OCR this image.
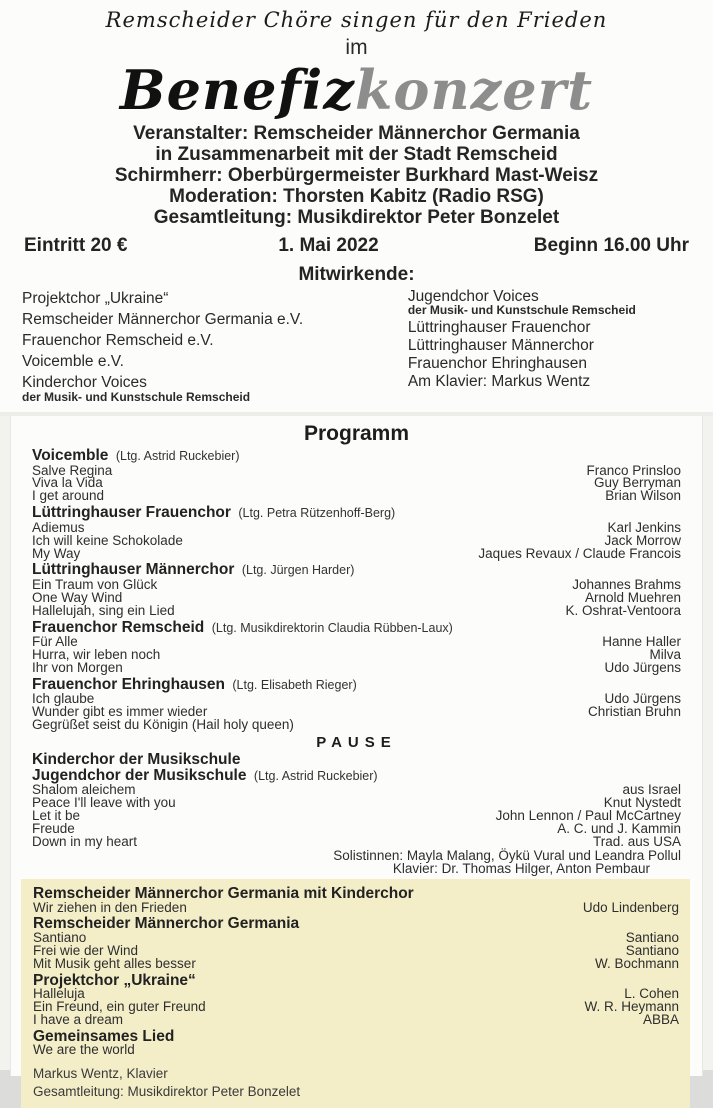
Remscheider Chöre singen für den Frieden
im
Benefizkonzert
Veranstalter: Remscheider Männerchor Germania
in Zusammenarbeit mit der Stadt Remscheid
Schirmherr: Oberbürgermeister Burkhard Mast-Weisz
Moderation: Thorsten Kabitz (Radio RSG)
Gesamtleitung: Musikdirektor Peter Bonzelet
Eintritt 20 €	1. Mai 2022	Beginn 16.00 Uhr
Mitwirkende:
Projektchor „Ukraine“
Remscheider Männerchor Germania e.V.
Frauenchor Remscheid e.V.
Voicemble e.V.
Kinderchor Voices
der Musik- und Kunstschule Remscheid
Jugendchor Voices
der Musik- und Kunstschule Remscheid
Lüttringhauser Frauenchor
Lüttringhauser Männerchor
Frauenchor Ehringhausen
Am Klavier: Markus Wentz
Programm
Voicemble (Ltg. Astrid Ruckebier)
Salve Regina	Franco Prinsloo
Viva la Vida	Guy Berryman
I get around	Brian Wilson
Lüttringhauser Frauenchor (Ltg. Petra Rützenhoff-Berg)
Adiemus	Karl Jenkins
Ich will keine Schokolade	Jack Morrow
My Way	Jaques Revaux / Claude Francois
Lüttringhauser Männerchor (Ltg. Jürgen Harder)
Ein Traum von Glück	Johannes Brahms
One Way Wind	Arnold Muehren
Hallelujah, sing ein Lied	K. Oshrat-Ventoora
Frauenchor Remscheid (Ltg. Musikdirektorin Claudia Rübben-Laux)
Für Alle	Hanne Haller
Hurra, wir leben noch	Milva
Ihr von Morgen	Udo Jürgens
Frauenchor Ehringhausen (Ltg. Elisabeth Rieger)
Ich glaube	Udo Jürgens
Wunder gibt es immer wieder	Christian Bruhn
Gegrüßet seist du Königin (Hail holy queen)
PAUSE
Kinderchor der Musikschule
Jugendchor der Musikschule (Ltg. Astrid Ruckebier)
Shalom aleichem	aus Israel
Peace I'll leave with you	Knut Nystedt
Let it be	John Lennon / Paul McCartney
Freude	A. C. und J. Kammin
Down in my heart	Trad. aus USA
Solistinnen: Mayla Malang, Öykü Vural und Leandra Pollul
Klavier: Dr. Thomas Hilger, Anton Pembaur
Remscheider Männerchor Germania mit Kinderchor
Wir ziehen in den Frieden	Udo Lindenberg
Remscheider Männerchor Germania
Santiano	Santiano
Frei wie der Wind	Santiano
Mit Musik geht alles besser	W. Bochmann
Projektchor „Ukraine“
Halleluja	L. Cohen
Ein Freund, ein guter Freund	W. R. Heymann
I have a dream	ABBA
Gemeinsames Lied
We are the world
Markus Wentz, Klavier
Gesamtleitung: Musikdirektor Peter Bonzelet
